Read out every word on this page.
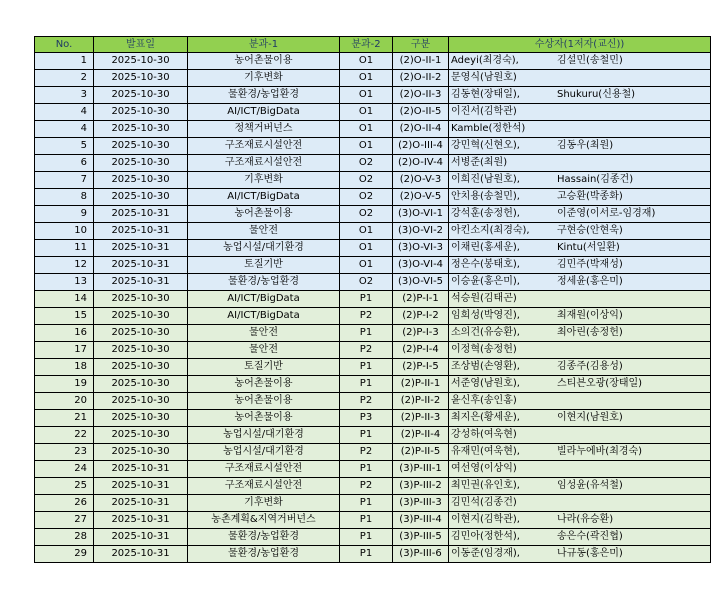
No.	발표일	분과-1	분과-2	구분	수상자(1저자(교신))
1	2025-10-30	농어촌물이용	O1	(2)O-II-1	Adeyi(최경숙), 김설민(송철민)
2	2025-10-30	기후변화	O1	(2)O-II-2	문영식(남원호)
3	2025-10-30	물환경/농업환경	O1	(2)O-II-3	김동현(장태일), Shukuru(신용철)
4	2025-10-30	AI/ICT/BigData	O1	(2)O-II-5	이진서(김학관)
4	2025-10-30	정책거버넌스	O1	(2)O-II-4	Kamble(정한석)
5	2025-10-30	구조재료시설안전	O1	(2)O-III-4	강민혁(신현오), 김동우(최원)
6	2025-10-30	구조재료시설안전	O2	(2)O-IV-4	서병준(최원)
7	2025-10-30	기후변화	O2	(2)O-V-3	이희진(남원호), Hassain(김종건)
8	2025-10-30	AI/ICT/BigData	O2	(2)O-V-5	안치용(송철민), 고승환(박종화)
9	2025-10-31	농어촌물이용	O2	(3)O-VI-1	강석훈(송정헌), 이준영(이서로-임경재)
10	2025-10-31	물안전	O1	(3)O-VI-2	아킨소지(최경숙), 구현승(안현욱)
11	2025-10-31	농업시설/대기환경	O1	(3)O-VI-3	이채린(홍세운), Kintu(서일환)
12	2025-10-31	토질기반	O1	(3)O-VI-4	정은수(봉태호), 김민주(박재성)
13	2025-10-31	물환경/농업환경	O2	(3)O-VI-5	이승윤(홍은미), 정세윤(홍은미)
14	2025-10-30	AI/ICT/BigData	P1	(2)P-I-1	석승원(김태곤)
15	2025-10-30	AI/ICT/BigData	P2	(2)P-I-2	임희성(박영진), 최재원(이상익)
16	2025-10-30	물안전	P1	(2)P-I-3	소의건(유승환), 최아린(송정헌)
17	2025-10-30	물안전	P2	(2)P-I-4	이정혁(송정헌)
18	2025-10-30	토질기반	P1	(2)P-I-5	조상범(손영환), 김종주(김용성)
19	2025-10-30	농어촌물이용	P1	(2)P-II-1	서준영(남원호), 스티븐오광(장태일)
20	2025-10-30	농어촌물이용	P2	(2)P-II-2	윤신후(송인홍)
21	2025-10-30	농어촌물이용	P3	(2)P-II-3	최지은(황세운), 이현지(남원호)
22	2025-10-30	농업시설/대기환경	P1	(2)P-II-4	강성하(여욱현)
23	2025-10-30	농업시설/대기환경	P2	(2)P-II-5	유재민(여욱현), 빌라누에바(최경숙)
24	2025-10-31	구조재료시설안전	P1	(3)P-III-1	여선영(이상익)
25	2025-10-31	구조재료시설안전	P2	(3)P-III-2	최민권(유인호), 임성윤(유석철)
26	2025-10-31	기후변화	P1	(3)P-III-3	김민석(김종건)
27	2025-10-31	농촌계획&지역거버넌스	P1	(3)P-III-4	이현지(김학관), 나라(유승환)
28	2025-10-31	물환경/농업환경	P1	(3)P-III-5	김민아(정한석), 송은수(곽진협)
29	2025-10-31	물환경/농업환경	P1	(3)P-III-6	이동준(임경재), 나규동(홍은미)
